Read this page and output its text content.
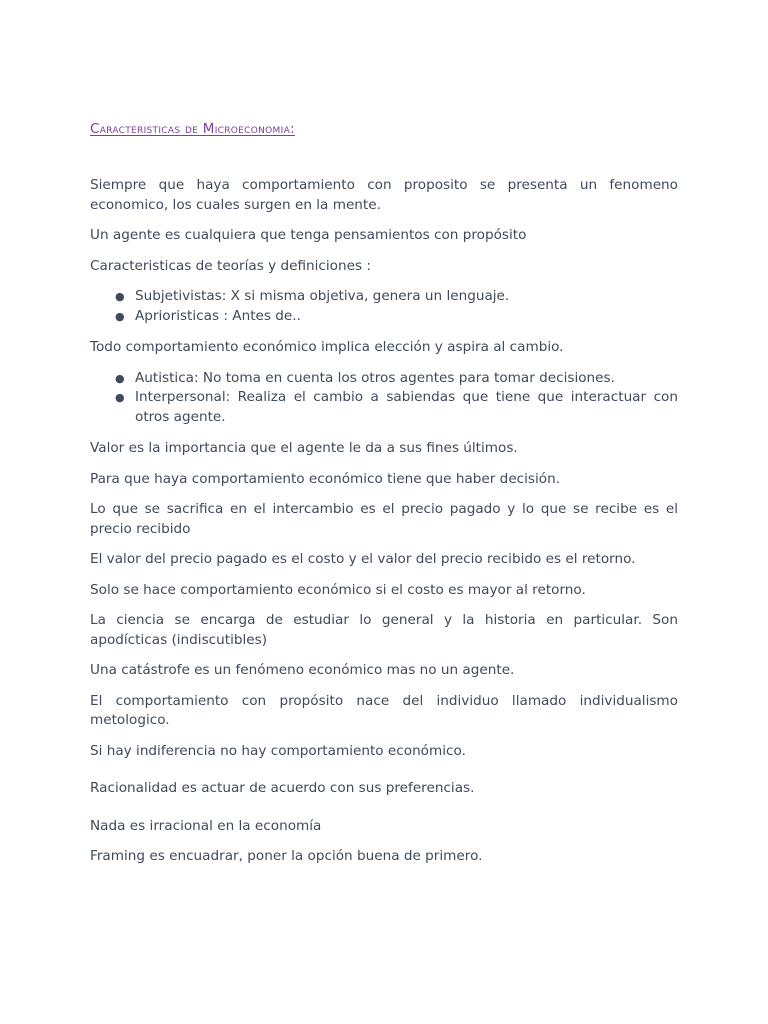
Caracteristicas de Microeconomia:

Siempre que haya comportamiento con proposito se presenta un fenomeno economico, los cuales surgen en la mente.

Un agente es cualquiera que tenga pensamientos con propósito

Caracteristicas de teorías y definiciones :

● Subjetivistas: X si misma objetiva, genera un lenguaje.
● Aprioristicas : Antes de..

Todo comportamiento económico implica elección y aspira al cambio.

● Autistica: No toma en cuenta los otros agentes para tomar decisiones.
● Interpersonal: Realiza el cambio a sabiendas que tiene que interactuar con otros agente.

Valor es la importancia que el agente le da a sus fines últimos.

Para que haya comportamiento económico tiene que haber decisión.

Lo que se sacrifica en el intercambio es el precio pagado y lo que se recibe es el precio recibido

El valor del precio pagado es el costo y el valor del precio recibido es el retorno.

Solo se hace comportamiento económico si el costo es mayor al retorno.

La ciencia se encarga de estudiar lo general y la historia en particular. Son apodícticas (indiscutibles)

Una catástrofe es un fenómeno económico mas no un agente.

El comportamiento con propósito nace del individuo llamado individualismo metologico.

Si hay indiferencia no hay comportamiento económico.

Racionalidad es actuar de acuerdo con sus preferencias.

Nada es irracional en la economía

Framing es encuadrar, poner la opción buena de primero.
